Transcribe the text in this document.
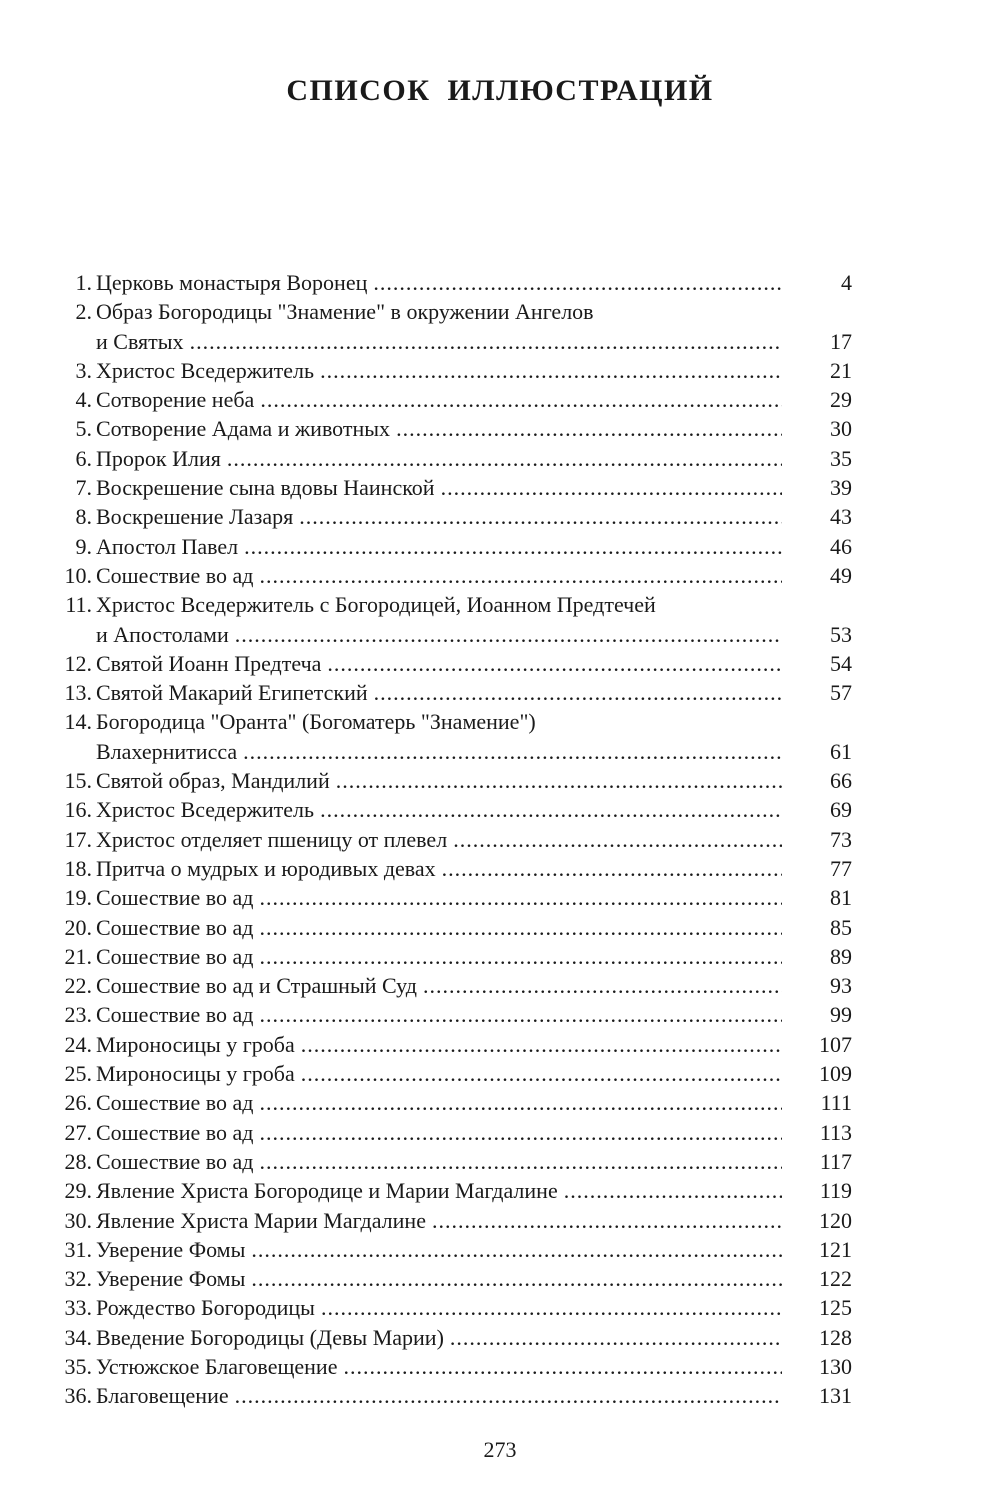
СПИСОК ИЛЛЮСТРАЦИЙ
1. Церковь монастыря Воронец .....	4
2. Образ Богородицы "Знамение" в окружении Ангелов
и Святых .....	17
3. Христос Вседержитель .....	21
4. Сотворение неба .....	29
5. Сотворение Адама и животных .....	30
6. Пророк Илия .....	35
7. Воскрешение сына вдовы Наинской .....	39
8. Воскрешение Лазаря .....	43
9. Апостол Павел .....	46
10. Сошествие во ад .....	49
11. Христос Вседержитель с Богородицей, Иоанном Предтечей
и Апостолами .....	53
12. Святой Иоанн Предтеча .....	54
13. Святой Макарий Египетский .....	57
14. Богородица "Оранта" (Богоматерь "Знамение")
Влахернитисса .....	61
15. Святой образ, Мандилий .....	66
16. Христос Вседержитель .....	69
17. Христос отделяет пшеницу от плевел .....	73
18. Притча о мудрых и юродивых девах .....	77
19. Сошествие во ад .....	81
20. Сошествие во ад .....	85
21. Сошествие во ад .....	89
22. Сошествие во ад и Страшный Суд .....	93
23. Сошествие во ад .....	99
24. Мироносицы у гроба .....	107
25. Мироносицы у гроба .....	109
26. Сошествие во ад .....	111
27. Сошествие во ад .....	113
28. Сошествие во ад .....	117
29. Явление Христа Богородице и Марии Магдалине .....	119
30. Явление Христа Марии Магдалине .....	120
31. Уверение Фомы .....	121
32. Уверение Фомы .....	122
33. Рождество Богородицы .....	125
34. Введение Богородицы (Девы Марии) .....	128
35. Устюжское Благовещение .....	130
36. Благовещение .....	131
273
